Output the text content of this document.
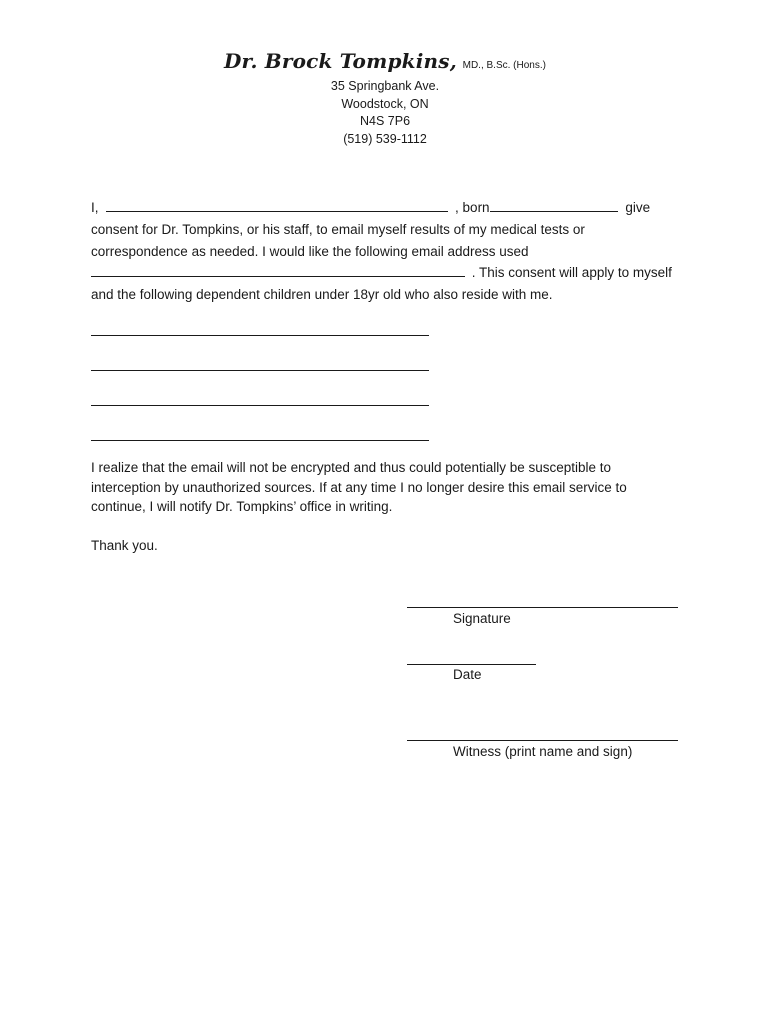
Dr. Brock Tompkins, MD., B.Sc. (Hons.)
35 Springbank Ave.
Woodstock, ON
N4S 7P6
(519) 539-1112
I,	, born	give
consent for Dr. Tompkins, or his staff, to email myself results of my medical tests or
correspondence as needed. I would like the following email address used
. This consent will apply to myself
and the following dependent children under 18yr old who also reside with me.
I realize that the email will not be encrypted and thus could potentially be susceptible to
interception by unauthorized sources. If at any time I no longer desire this email service to
continue, I will notify Dr. Tompkins’ office in writing.
Thank you.
Signature
Date
Witness (print name and sign)
